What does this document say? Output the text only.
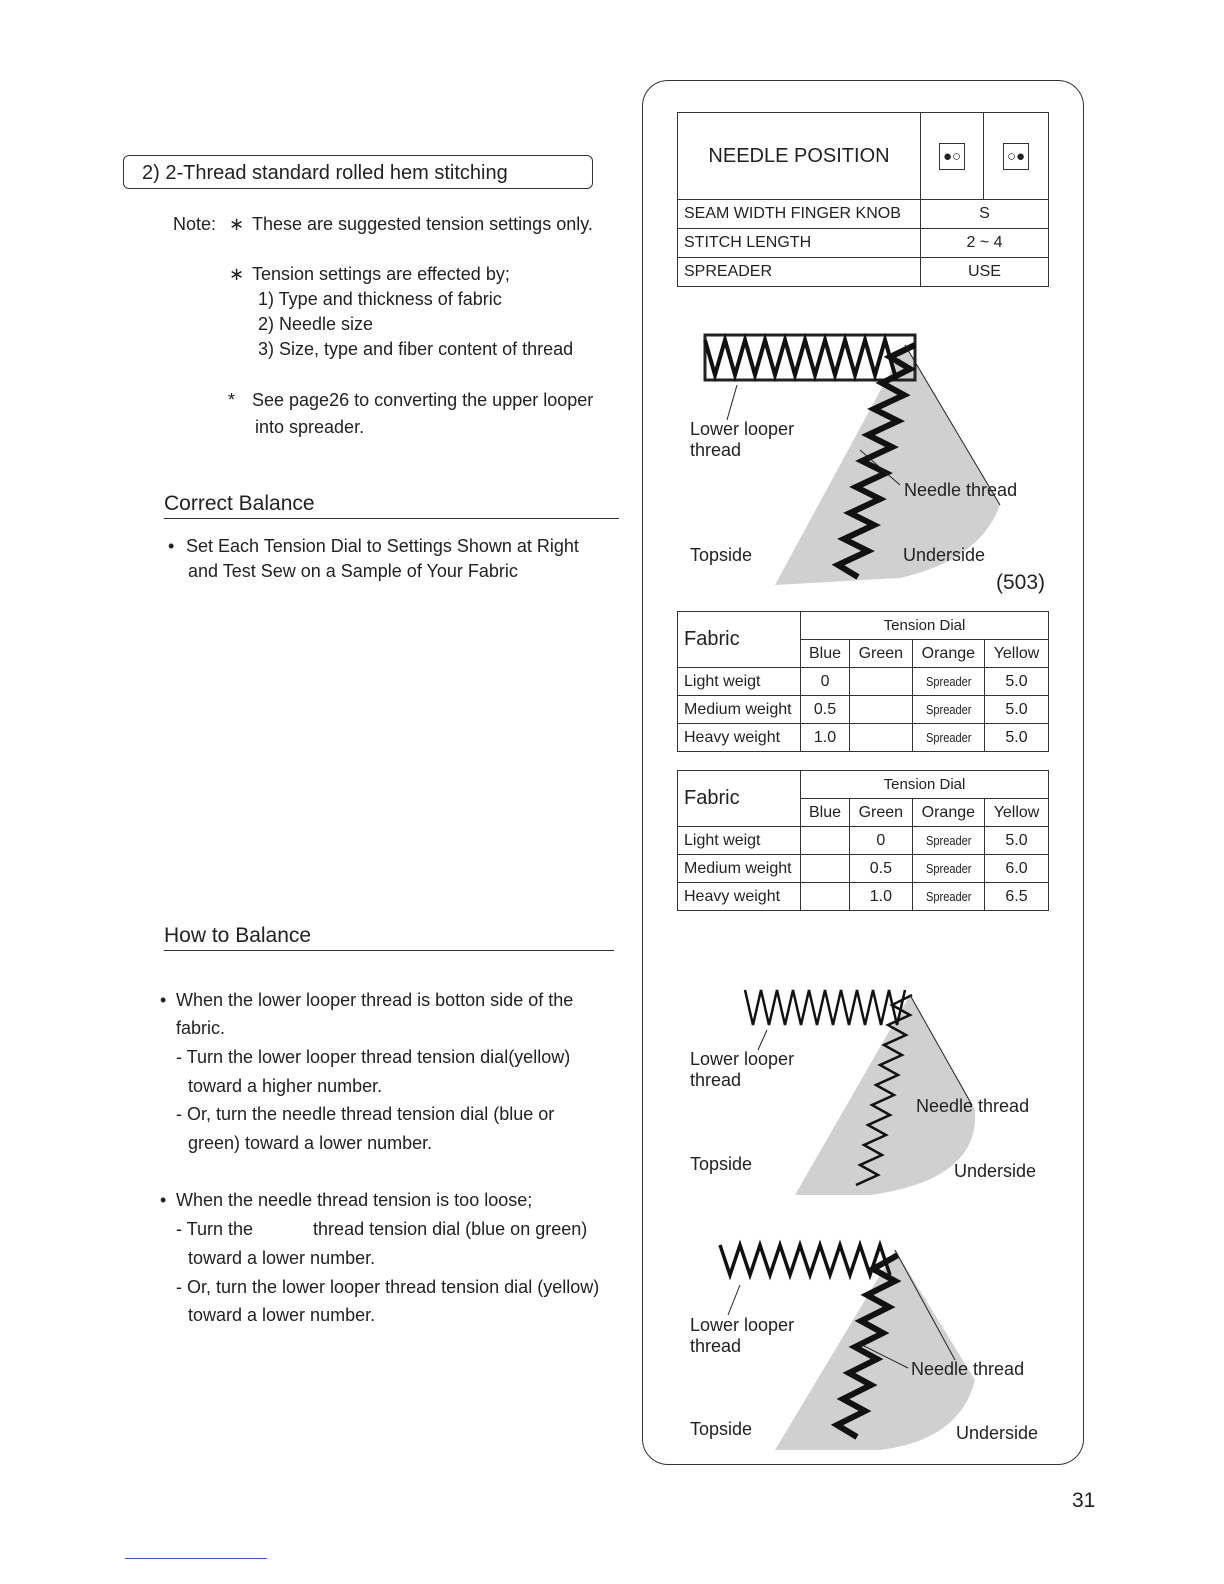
2) 2-Thread standard rolled hem stitching
Note: ∗ These are suggested tension settings only.
∗ Tension settings are effected by;
1) Type and thickness of fabric
2) Needle size
3) Size, type and fiber content of thread
* See page26 to converting the upper looper
into spreader.
Correct Balance
• Set Each Tension Dial to Settings Shown at Right
and Test Sew on a Sample of Your Fabric
How to Balance
• When the lower looper thread is botton side of the
fabric.
- Turn the lower looper thread tension dial(yellow)
toward a higher number.
- Or, turn the needle thread tension dial (blue or
green) toward a lower number.
• When the needle thread tension is too loose;
- Turn the            thread tension dial (blue on green)
toward a lower number.
- Or, turn the lower looper thread tension dial (yellow)
toward a lower number.
NEEDLE POSITION	●○	○●
SEAM WIDTH FINGER KNOB	S	
STITCH LENGTH	2 ~ 4	
SPREADER	USE	
Fabric	Tension Dial			
	Blue	Green	Orange	Yellow
Light weigt	0		Spreader	5.0
Medium weight	0.5		Spreader	5.0
Heavy weight	1.0		Spreader	5.0
Fabric	Tension Dial			
	Blue	Green	Orange	Yellow
Light weigt		0	Spreader	5.0
Medium weight		0.5	Spreader	6.0
Heavy weight		1.0	Spreader	6.5
Lower looper
thread
Needle thread
Topside	Underside
(503)
Lower looper
thread
Needle thread
Topside	Underside
Lower looper
thread
Needle thread
Topside	Underside
31
